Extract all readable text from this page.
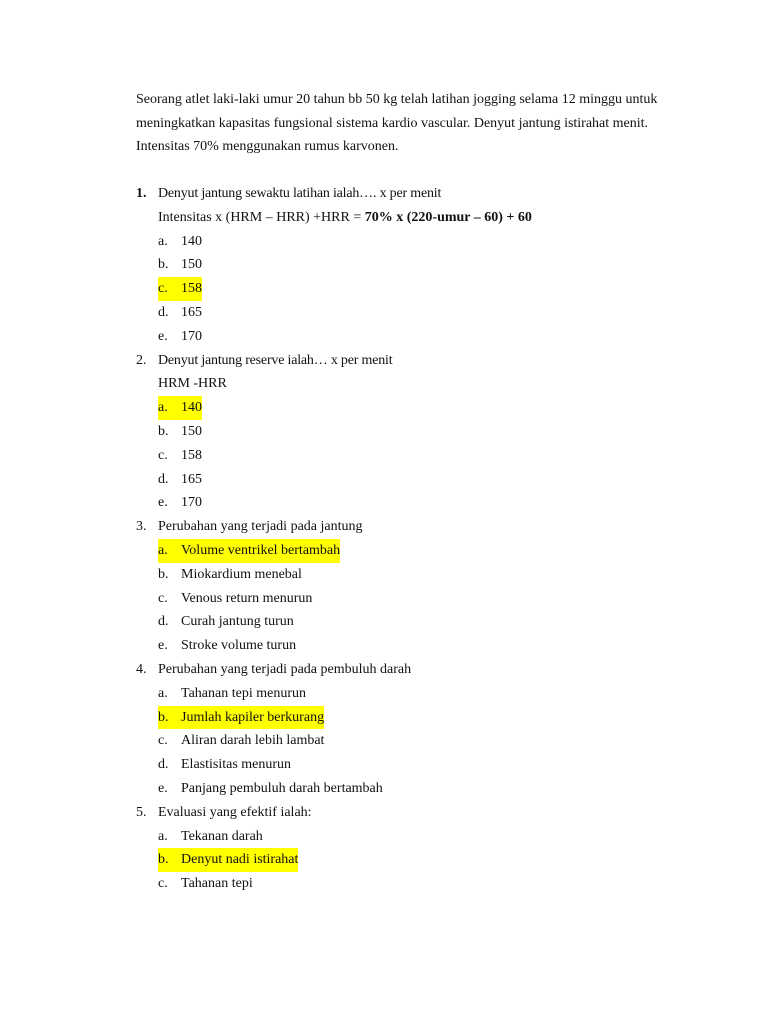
Seorang atlet laki-laki umur 20 tahun bb 50 kg telah latihan jogging selama 12 minggu untuk

meningkatkan kapasitas fungsional sistema kardio vascular. Denyut jantung istirahat menit.

Intensitas 70% menggunakan rumus karvonen.

1. Denyut jantung sewaktu latihan ialah…. x per menit
Intensitas x (HRM – HRR) +HRR = 70% x (220-umur – 60) + 60
a. 140
b. 150
c. 158
d. 165
e. 170
2. Denyut jantung reserve ialah… x per menit
HRM -HRR
a. 140
b. 150
c. 158
d. 165
e. 170
3. Perubahan yang terjadi pada jantung
a. Volume ventrikel bertambah
b. Miokardium menebal
c. Venous return menurun
d. Curah jantung turun
e. Stroke volume turun
4. Perubahan yang terjadi pada pembuluh darah
a. Tahanan tepi menurun
b. Jumlah kapiler berkurang
c. Aliran darah lebih lambat
d. Elastisitas menurun
e. Panjang pembuluh darah bertambah
5. Evaluasi yang efektif ialah:
a. Tekanan darah
b. Denyut nadi istirahat
c. Tahanan tepi
